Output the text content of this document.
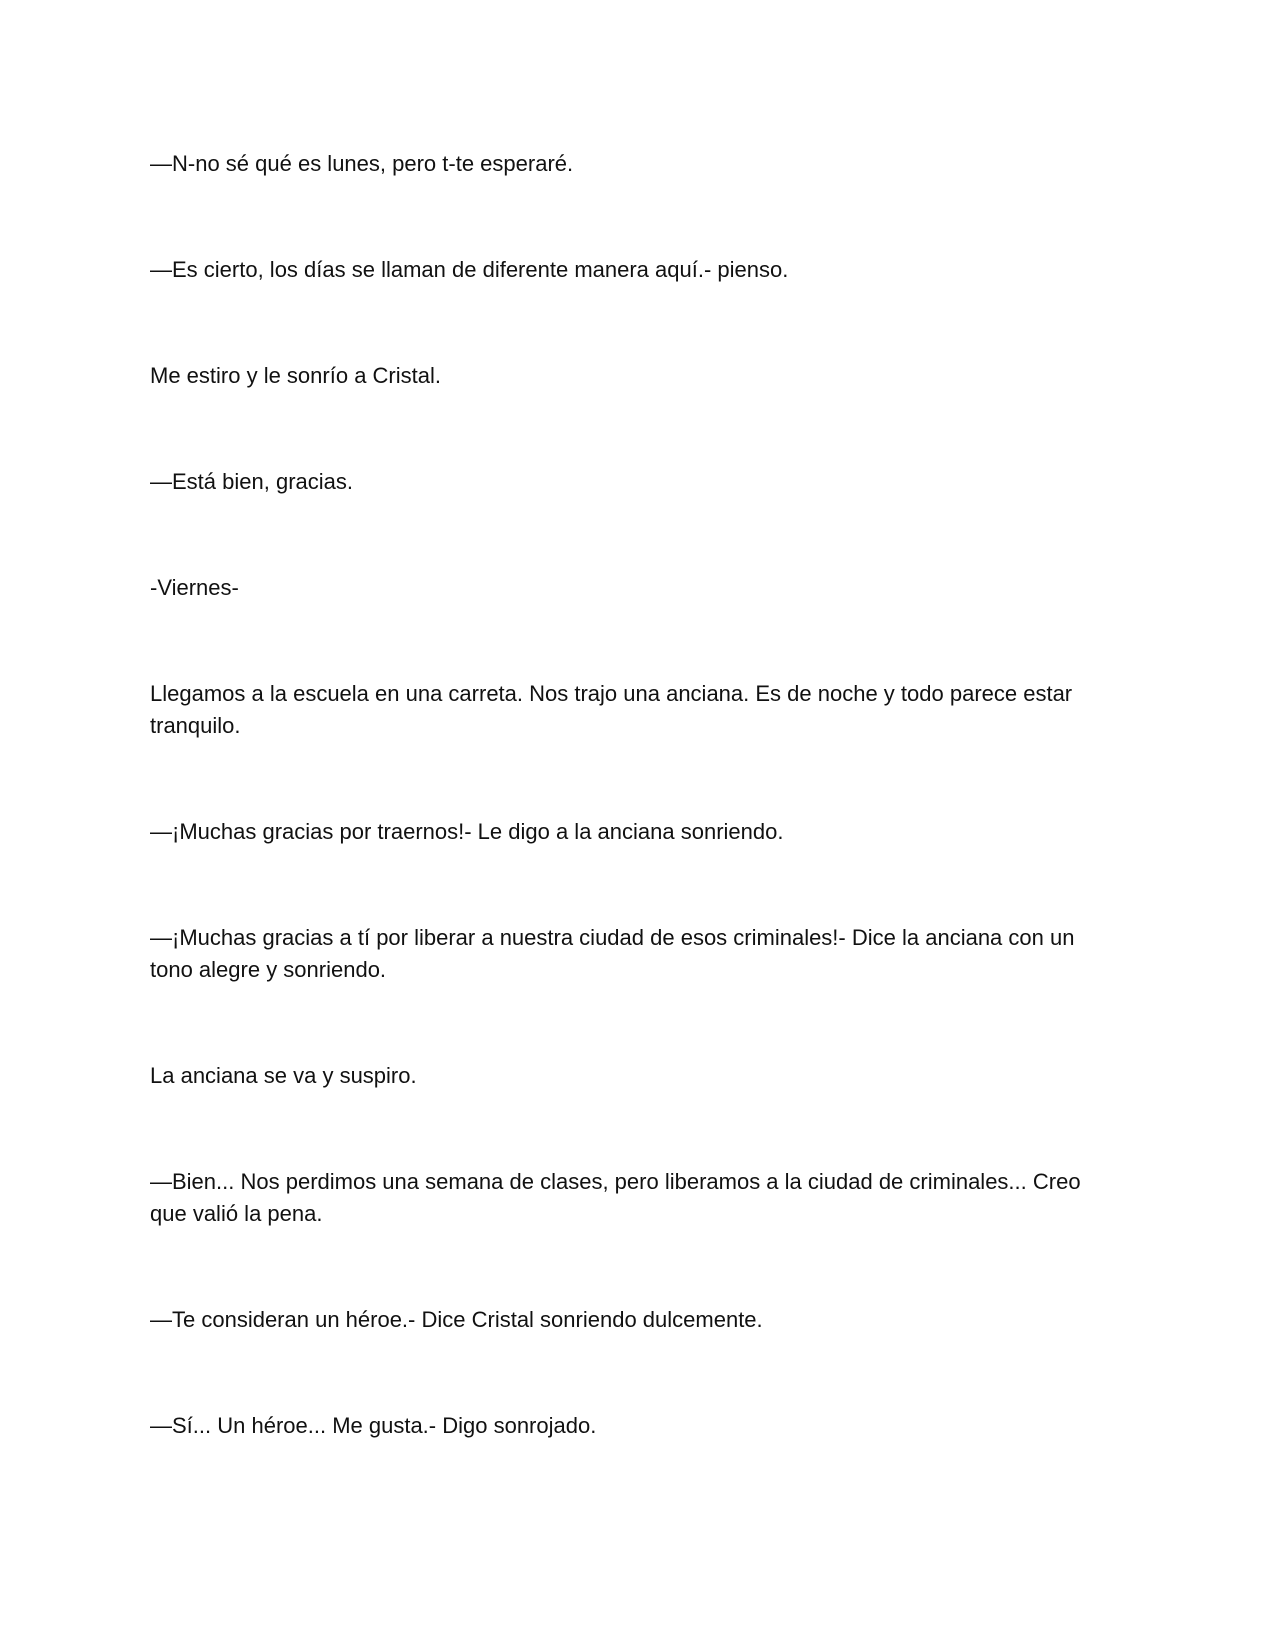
—N-no sé qué es lunes, pero t-te esperaré.

—Es cierto, los días se llaman de diferente manera aquí.- pienso.

Me estiro y le sonrío a Cristal.

—Está bien, gracias.

-Viernes-

Llegamos a la escuela en una carreta. Nos trajo una anciana. Es de noche y todo parece estar tranquilo.

—¡Muchas gracias por traernos!- Le digo a la anciana sonriendo.

—¡Muchas gracias a tí por liberar a nuestra ciudad de esos criminales!- Dice la anciana con un tono alegre y sonriendo.

La anciana se va y suspiro.

—Bien... Nos perdimos una semana de clases, pero liberamos a la ciudad de criminales... Creo que valió la pena.

—Te consideran un héroe.- Dice Cristal sonriendo dulcemente.

—Sí... Un héroe... Me gusta.- Digo sonrojado.
